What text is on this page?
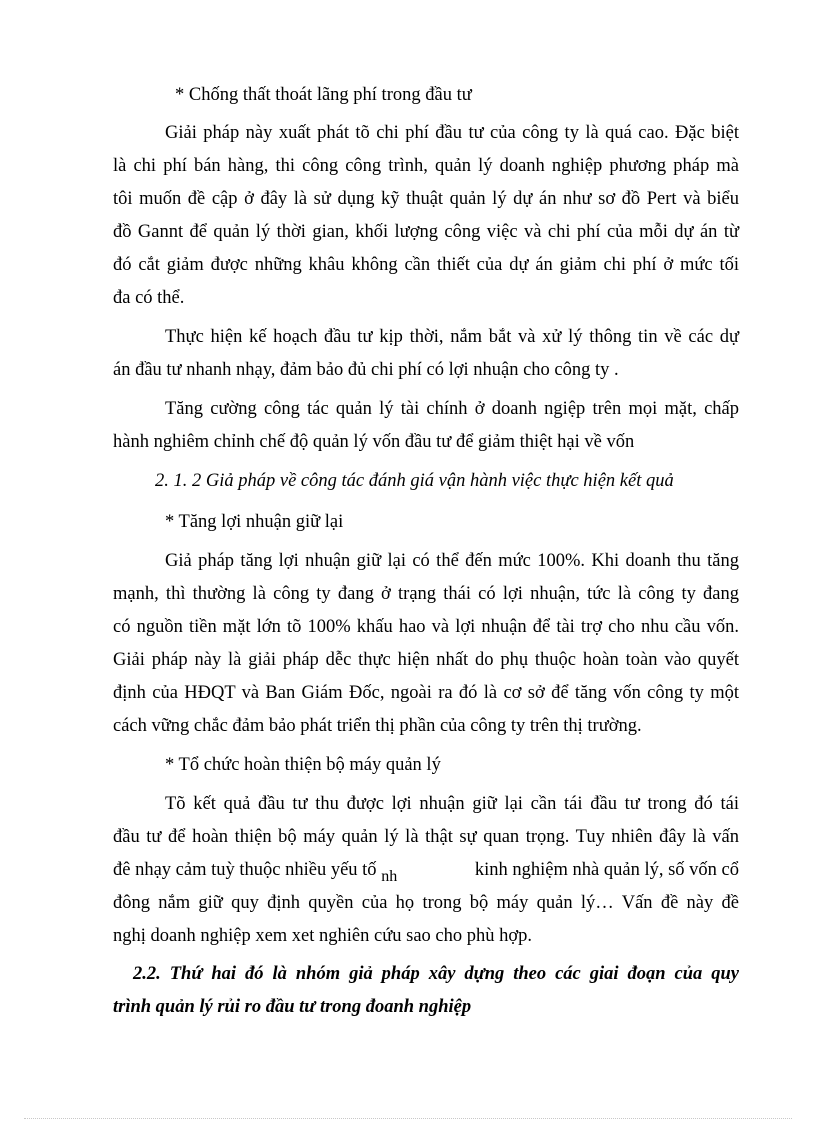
* Chống thất thoát lãng phí trong đầu tư
Giải pháp này xuất phát tõ chi phí đầu tư của công ty là quá cao. Đặc biệt
là chi phí bán hàng, thi công công trình, quản lý doanh nghiệp phương pháp mà
tôi muốn đề cập ở đây là sử dụng kỹ thuật quản lý dự án như sơ đồ Pert và biểu
đồ Gannt để quản lý thời gian, khối lượng công việc và chi phí của mỗi dự án từ
đó cắt giảm được những khâu không cần thiết của dự án giảm chi phí ở mức tối
đa có thể.
Thực hiện kế hoạch đầu tư kịp thời, nắm bắt và xử lý thông tin về các dự
án đầu tư nhanh nhạy, đảm bảo đủ chi phí có lợi nhuận cho công ty .
Tăng cường công tác quản lý tài chính ở doanh ngiệp trên mọi mặt, chấp
hành nghiêm chỉnh chế độ quản lý vốn đầu tư để giảm thiệt hại về vốn
2. 1. 2 Giả pháp về công tác đánh giá vận hành việc thực hiện kết quả
* Tăng lợi nhuận giữ lại
Giả pháp tăng lợi nhuận giữ lại có thể đến mức 100%. Khi doanh thu tăng
mạnh, thì thường là công ty đang ở trạng thái có lợi nhuận, tức là công ty đang
có nguồn tiền mặt lớn tõ 100% khấu hao và lợi nhuận để tài trợ cho nhu cầu vốn.
Giải pháp này là giải pháp dễc thực hiện nhất do phụ thuộc hoàn toàn vào quyết
định của HĐQT và Ban Giám Đốc, ngoài ra đó là cơ sở để tăng vốn công ty một
cách vững chắc đảm bảo phát triển thị phần của công ty trên thị trường.
* Tổ chức hoàn thiện bộ máy quản lý
Tõ kết quả đầu tư thu được lợi nhuận giữ lại cần tái đầu tư trong đó tái
đầu tư để hoàn thiện bộ máy quản lý là thật sự quan trọng. Tuy nhiên đây là vấn
đê nhạy cảm tuỳ thuộc nhiều yếu tố nh	kinh nghiệm nhà quản lý, số vốn cổ
đông nắm giữ quy định quyền của họ trong bộ máy quản lý… Vấn đề này đề
nghị doanh nghiệp xem xet nghiên cứu sao cho phù hợp.
2.2. Thứ hai đó là nhóm giả pháp xây dựng theo các giai đoạn của quy
trình quản lý rủi ro đầu tư trong đoanh nghiệp
